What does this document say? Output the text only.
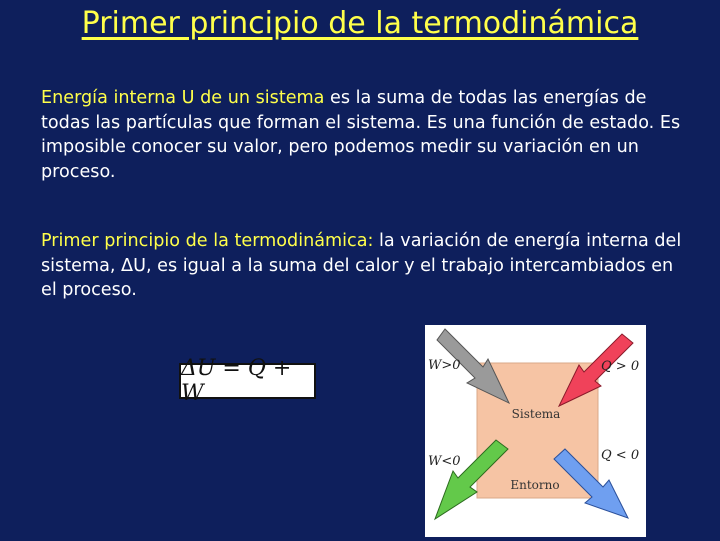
Primer principio de la termodinámica
Energía interna U de un sistema es la suma de todas las energías de todas las partículas que forman el sistema. Es una función de estado. Es imposible conocer su valor, pero podemos medir su variación en un proceso.
Primer principio de la termodinámica: la variación de energía interna del sistema, ΔU, es igual a la suma del calor y el trabajo intercambiados en el proceso.
ΔU = Q + W
Sistema
Entorno
W>0	Q > 0
W<0	Q < 0
